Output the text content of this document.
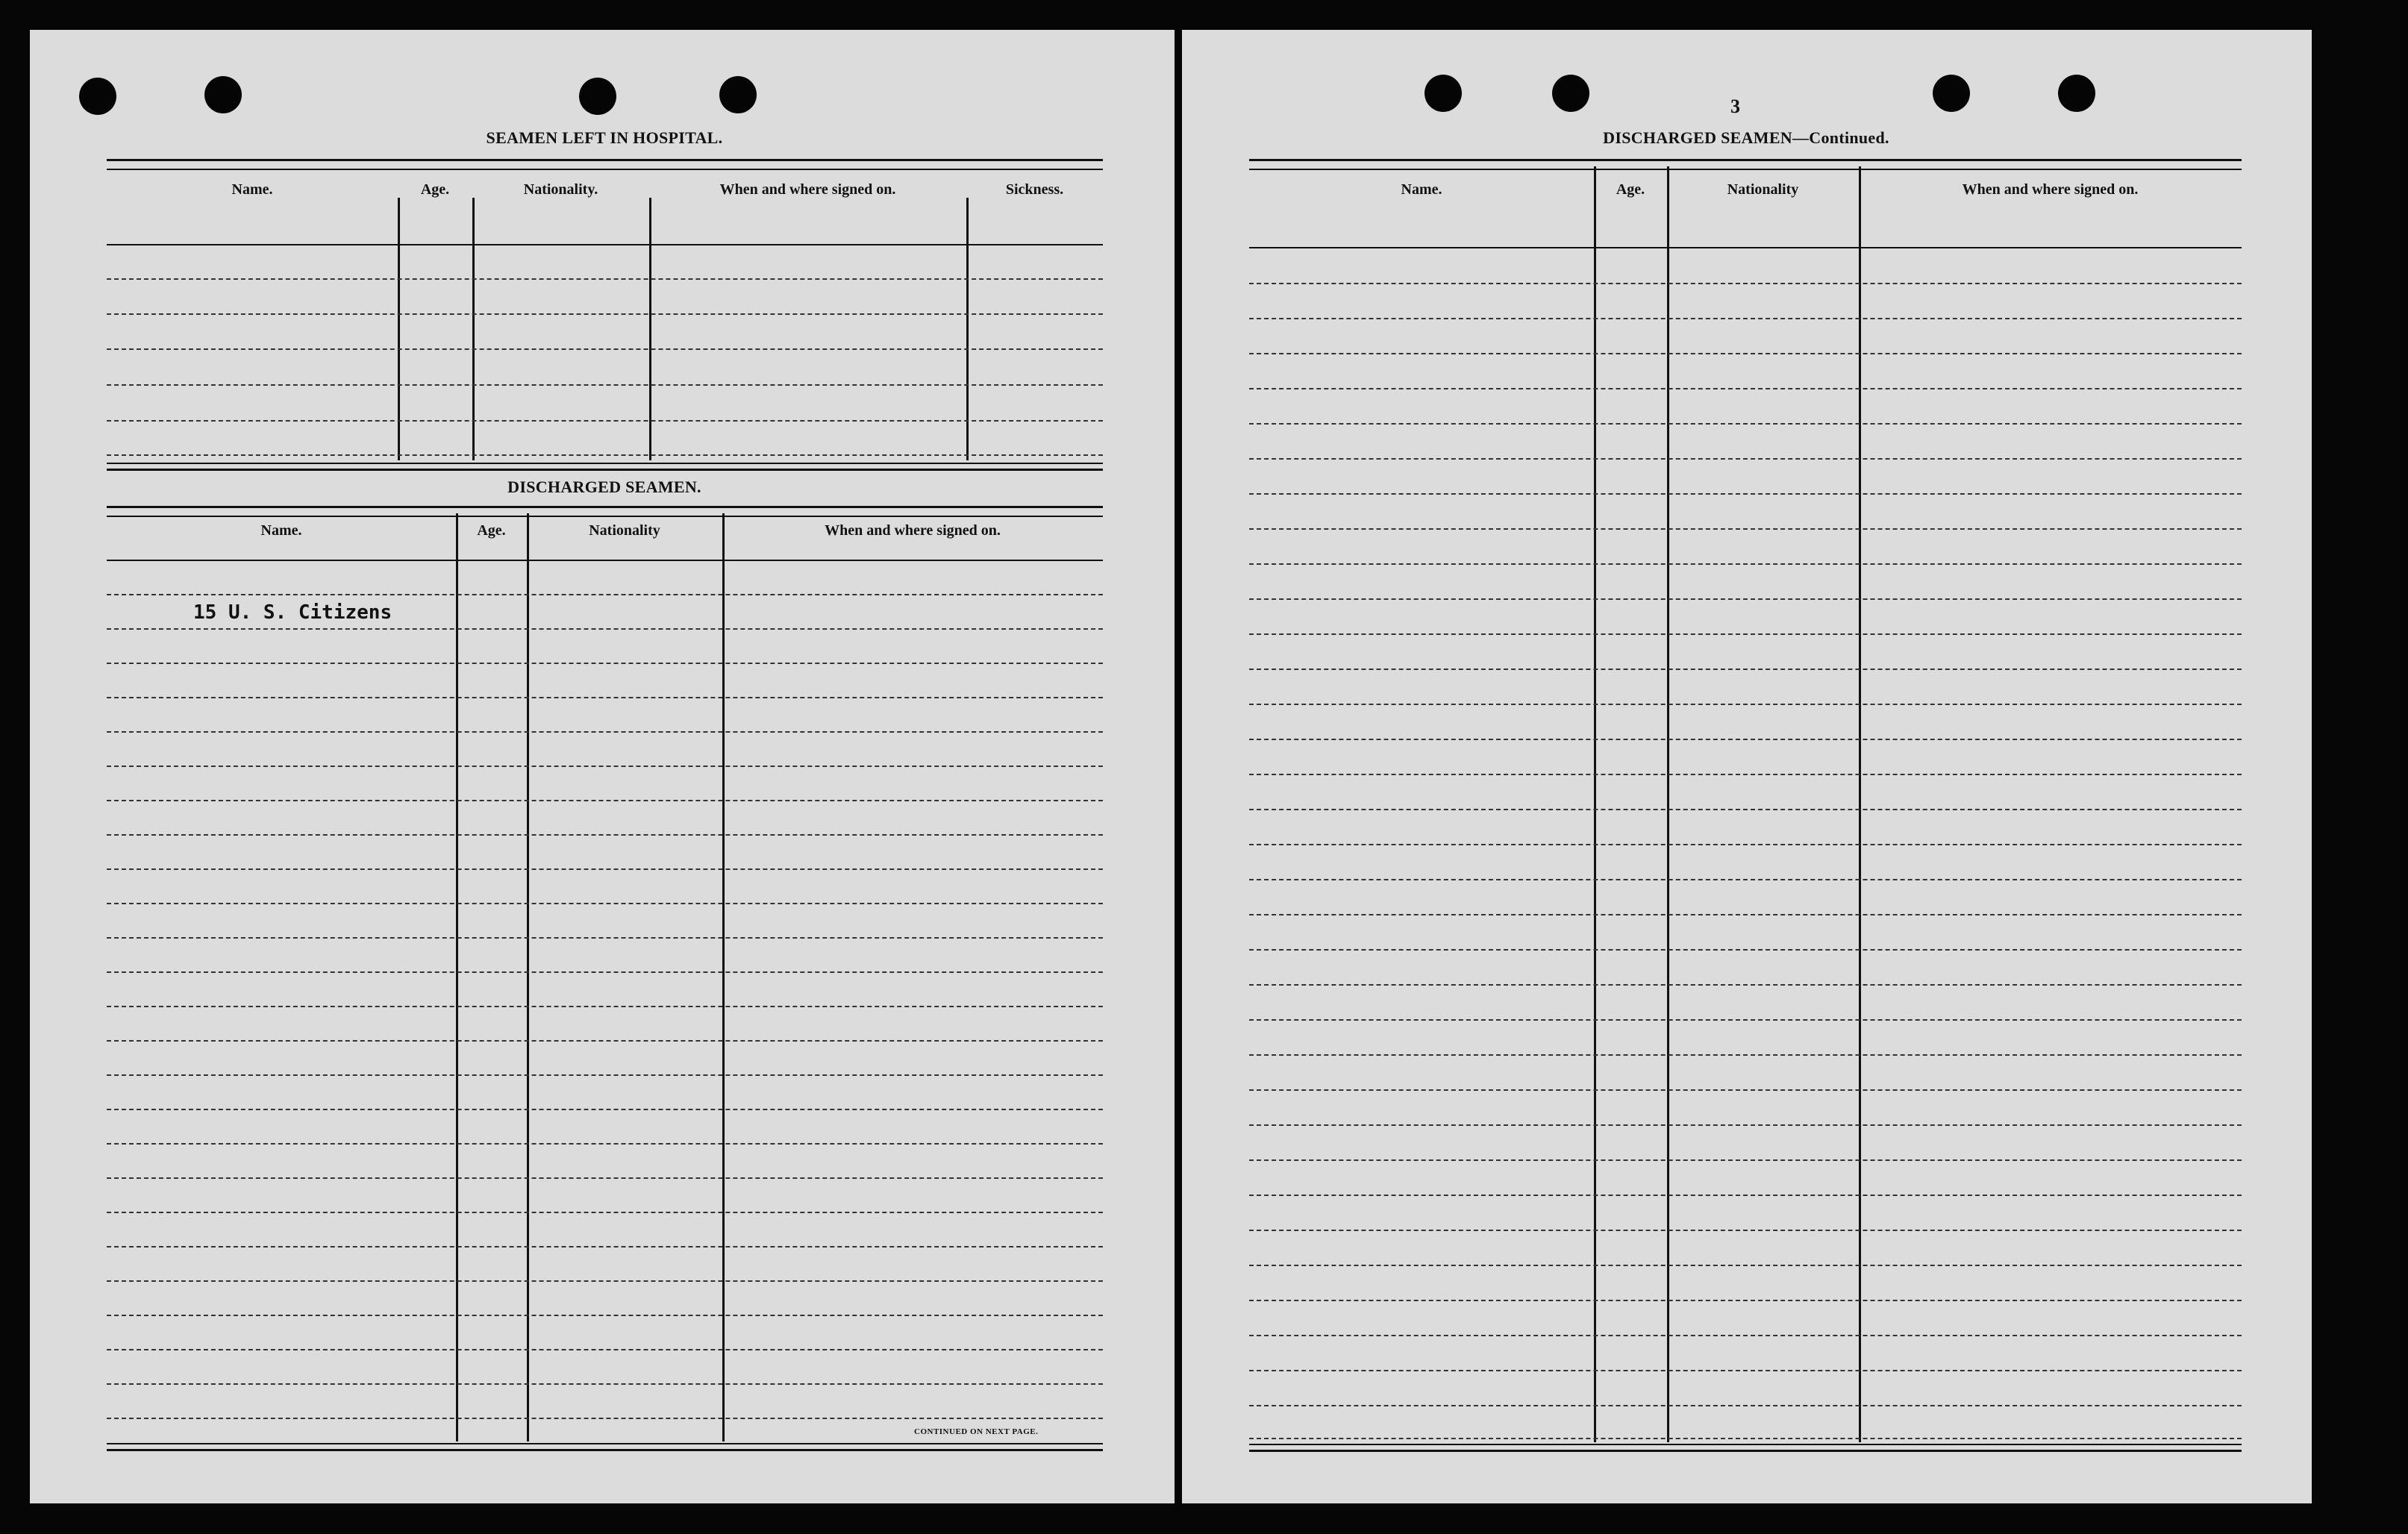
SEAMEN LEFT IN HOSPITAL.
Name.	Age.	Nationality.	When and where signed on.	Sickness.
DISCHARGED SEAMEN.
Name.	Age.	Nationality	When and where signed on.
15 U. S. Citizens
CONTINUED ON NEXT PAGE.
3
DISCHARGED SEAMEN—Continued.
Name.	Age.	Nationality	When and where signed on.
